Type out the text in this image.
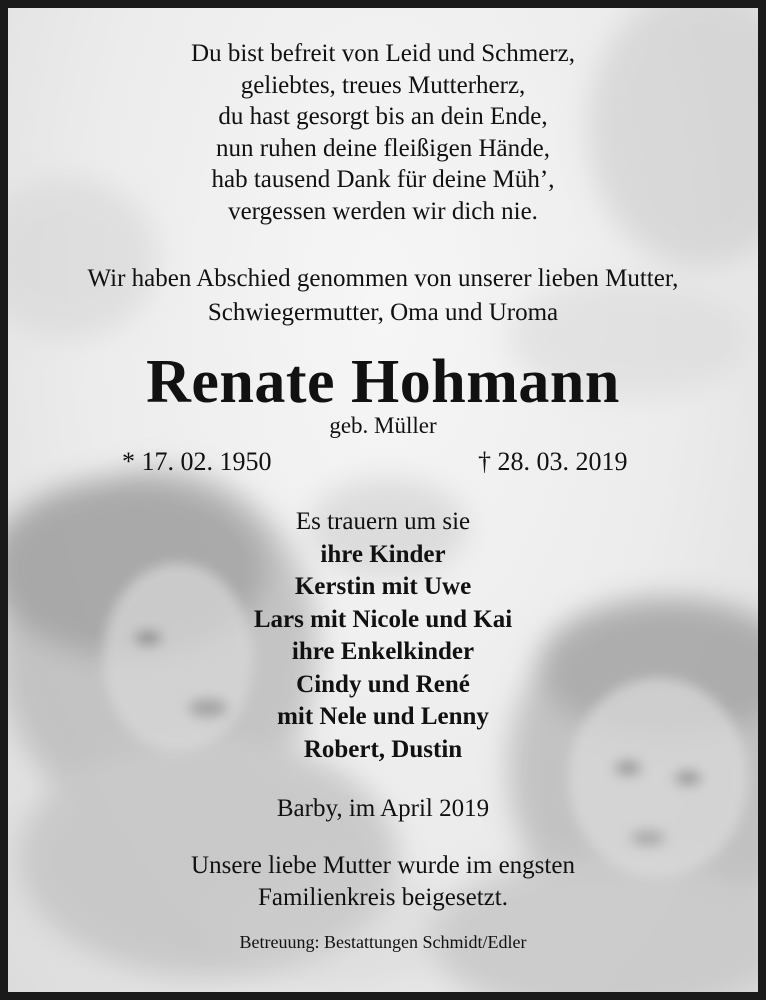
Du bist befreit von Leid und Schmerz,
geliebtes, treues Mutterherz,
du hast gesorgt bis an dein Ende,
nun ruhen deine fleißigen Hände,
hab tausend Dank für deine Müh’,
vergessen werden wir dich nie.
Wir haben Abschied genommen von unserer lieben Mutter,
Schwiegermutter, Oma und Uroma
Renate Hohmann
geb. Müller
* 17. 02. 1950	† 28. 03. 2019
Es trauern um sie
ihre Kinder
Kerstin mit Uwe
Lars mit Nicole und Kai
ihre Enkelkinder
Cindy und René
mit Nele und Lenny
Robert, Dustin
Barby, im April 2019
Unsere liebe Mutter wurde im engsten
Familienkreis beigesetzt.
Betreuung: Bestattungen Schmidt/Edler
